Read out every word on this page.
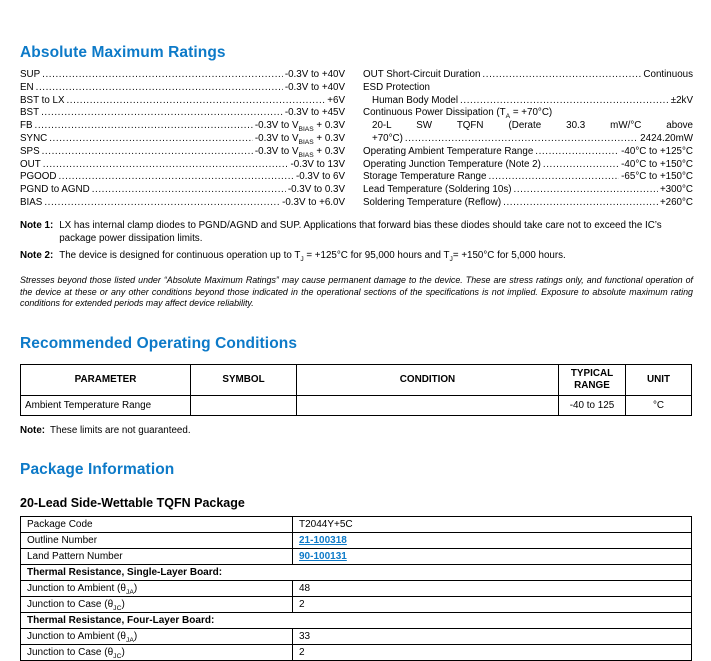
Absolute Maximum Ratings
SUP .....	-0.3V to +40V
EN .....	-0.3V to +40V
BST to LX .....	+6V
BST .....	-0.3V to +45V
FB .....	-0.3V to $V_{BIAS} + 0.3V$
SYNC .....	-0.3V to $V_{BIAS} + 0.3V$
SPS .....	-0.3V to $V_{BIAS} + 0.3V$
OUT .....	-0.3V to 13V
PGOOD .....	-0.3V to 6V
PGND to AGND .....	-0.3V to 0.3V
BIAS .....	-0.3V to +6.0V
OUT Short-Circuit Duration .....	Continuous
ESD Protection
Human Body Model .....	±2kV
Continuous Power Dissipation $(T_A = +70^\circ C)$
20-L SW TQFN (Derate 30.3 mW/°C above
+70°C) .....	2424.20mW
Operating Ambient Temperature Range .....	-40°C to +125°C
Operating Junction Temperature (Note 2) .....	-40°C to +150°C
Storage Temperature Range .....	-65°C to +150°C
Lead Temperature (Soldering 10s) .....	+300°C
Soldering Temperature (Reflow) .....	+260°C
Note 1: LX has internal clamp diodes to PGND/AGND and SUP. Applications that forward bias these diodes should take care not to exceed the IC’s package power dissipation limits.
Note 2: The device is designed for continuous operation up to $T_J = +125^\circ C$ for 95,000 hours and $T_J= +150^\circ C$ for 5,000 hours.

Stresses beyond those listed under “Absolute Maximum Ratings” may cause permanent damage to the device. These are stress ratings only, and functional operation of the device at these or any other conditions beyond those indicated in the operational sections of the specifications is not implied. Exposure to absolute maximum rating conditions for extended periods may affect device reliability.

Recommended Operating Conditions
PARAMETER	SYMBOL	CONDITION	TYPICAL RANGE	UNIT
Ambient Temperature Range			-40 to 125	°C

Note: These limits are not guaranteed.

Package Information
20-Lead Side-Wettable TQFN Package
Package Code	T2044Y+5C
Outline Number	21-100318
Land Pattern Number	90-100131
Thermal Resistance, Single-Layer Board:	
Junction to Ambient $(\theta_{JA})$	48
Junction to Case $(\theta_{JC})$	2
Thermal Resistance, Four-Layer Board:	
Junction to Ambient $(\theta_{JA})$	33
Junction to Case $(\theta_{JC})$	2
